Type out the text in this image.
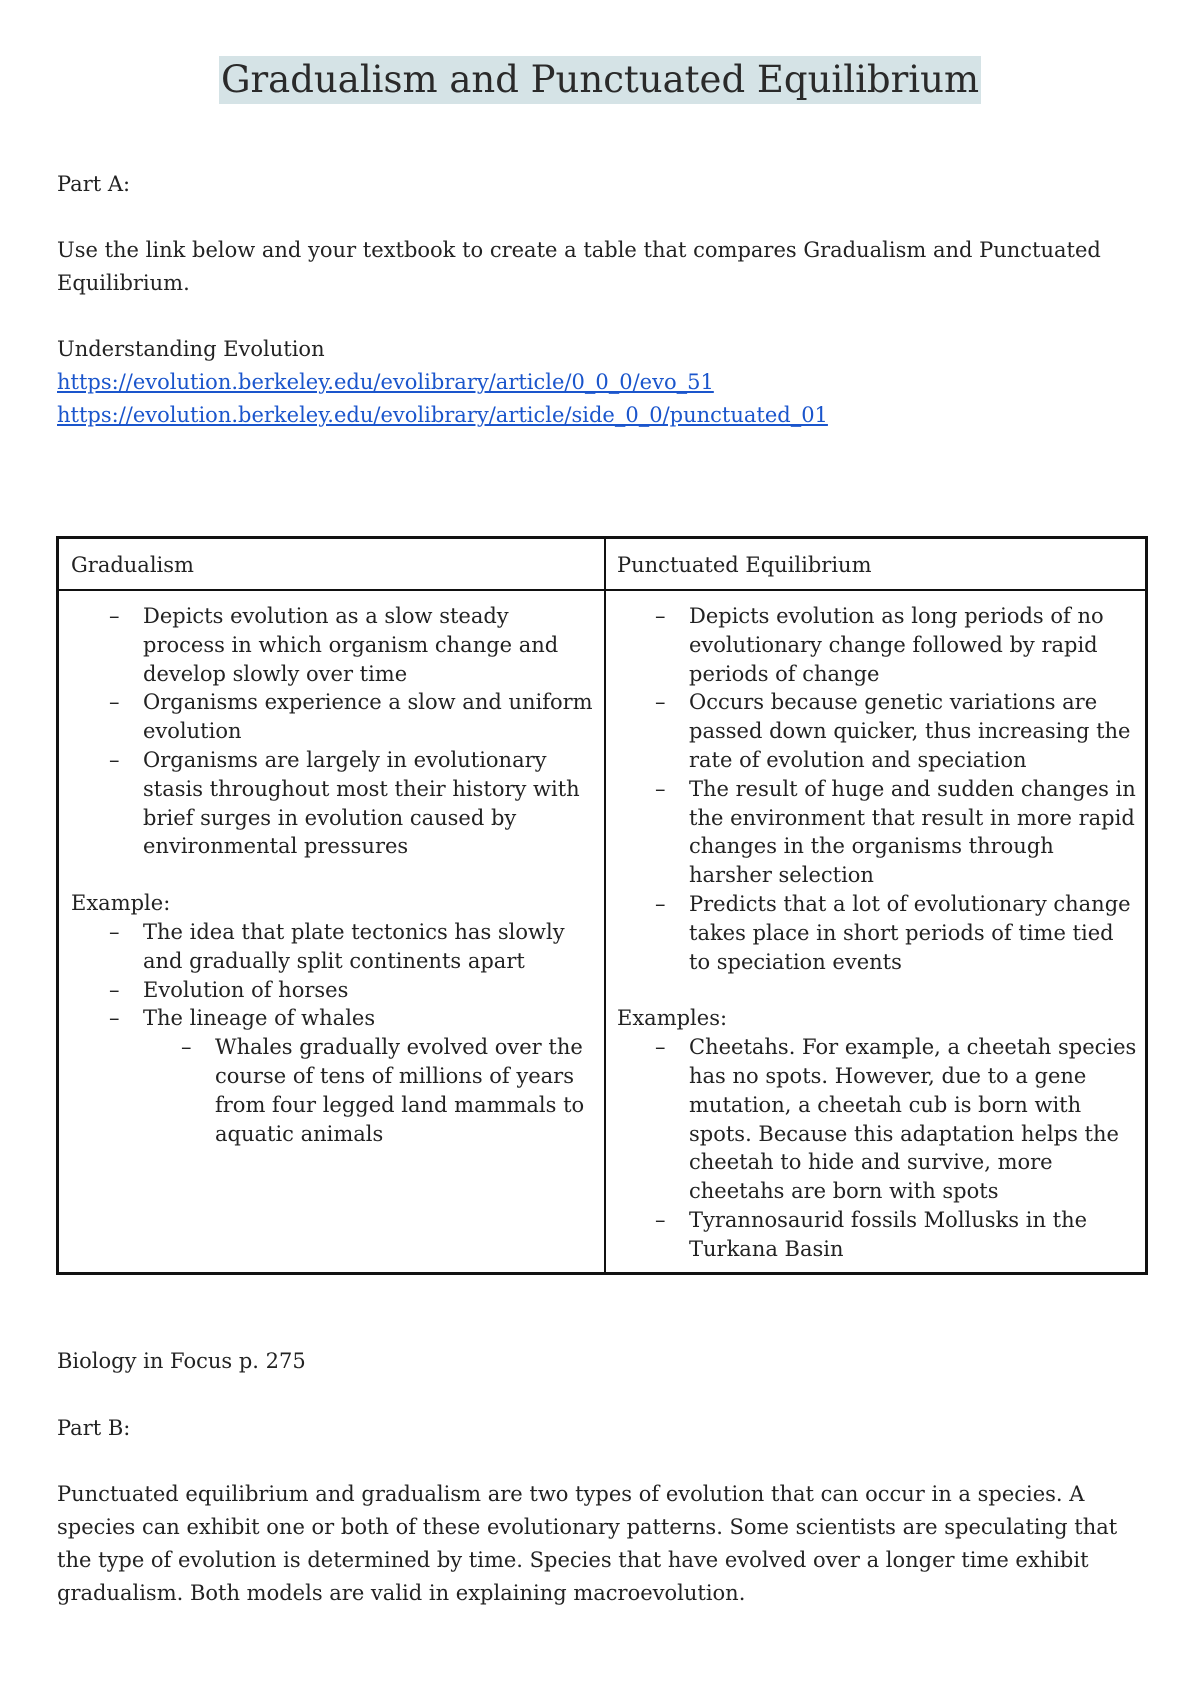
Gradualism and Punctuated Equilibrium
Part A:
Use the link below and your textbook to create a table that compares Gradualism and Punctuated Equilibrium.
Understanding Evolution
https://evolution.berkeley.edu/evolibrary/article/0_0_0/evo_51
https://evolution.berkeley.edu/evolibrary/article/side_0_0/punctuated_01
Gradualism	Punctuated Equilibrium
– Depicts evolution as a slow steady process in which organism change and develop slowly over time
– Organisms experience a slow and uniform evolution
– Organisms are largely in evolutionary stasis throughout most their history with brief surges in evolution caused by environmental pressures
Example:
– The idea that plate tectonics has slowly and gradually split continents apart
– Evolution of horses
– The lineage of whales
– Whales gradually evolved over the course of tens of millions of years from four legged land mammals to aquatic animals
– Depicts evolution as long periods of no evolutionary change followed by rapid periods of change
– Occurs because genetic variations are passed down quicker, thus increasing the rate of evolution and speciation
– The result of huge and sudden changes in the environment that result in more rapid changes in the organisms through harsher selection
– Predicts that a lot of evolutionary change takes place in short periods of time tied to speciation events
Examples:
– Cheetahs. For example, a cheetah species has no spots. However, due to a gene mutation, a cheetah cub is born with spots. Because this adaptation helps the cheetah to hide and survive, more cheetahs are born with spots
– Tyrannosaurid fossils Mollusks in the Turkana Basin
Biology in Focus p. 275
Part B:
Punctuated equilibrium and gradualism are two types of evolution that can occur in a species. A species can exhibit one or both of these evolutionary patterns. Some scientists are speculating that the type of evolution is determined by time. Species that have evolved over a longer time exhibit gradualism. Both models are valid in explaining macroevolution.
